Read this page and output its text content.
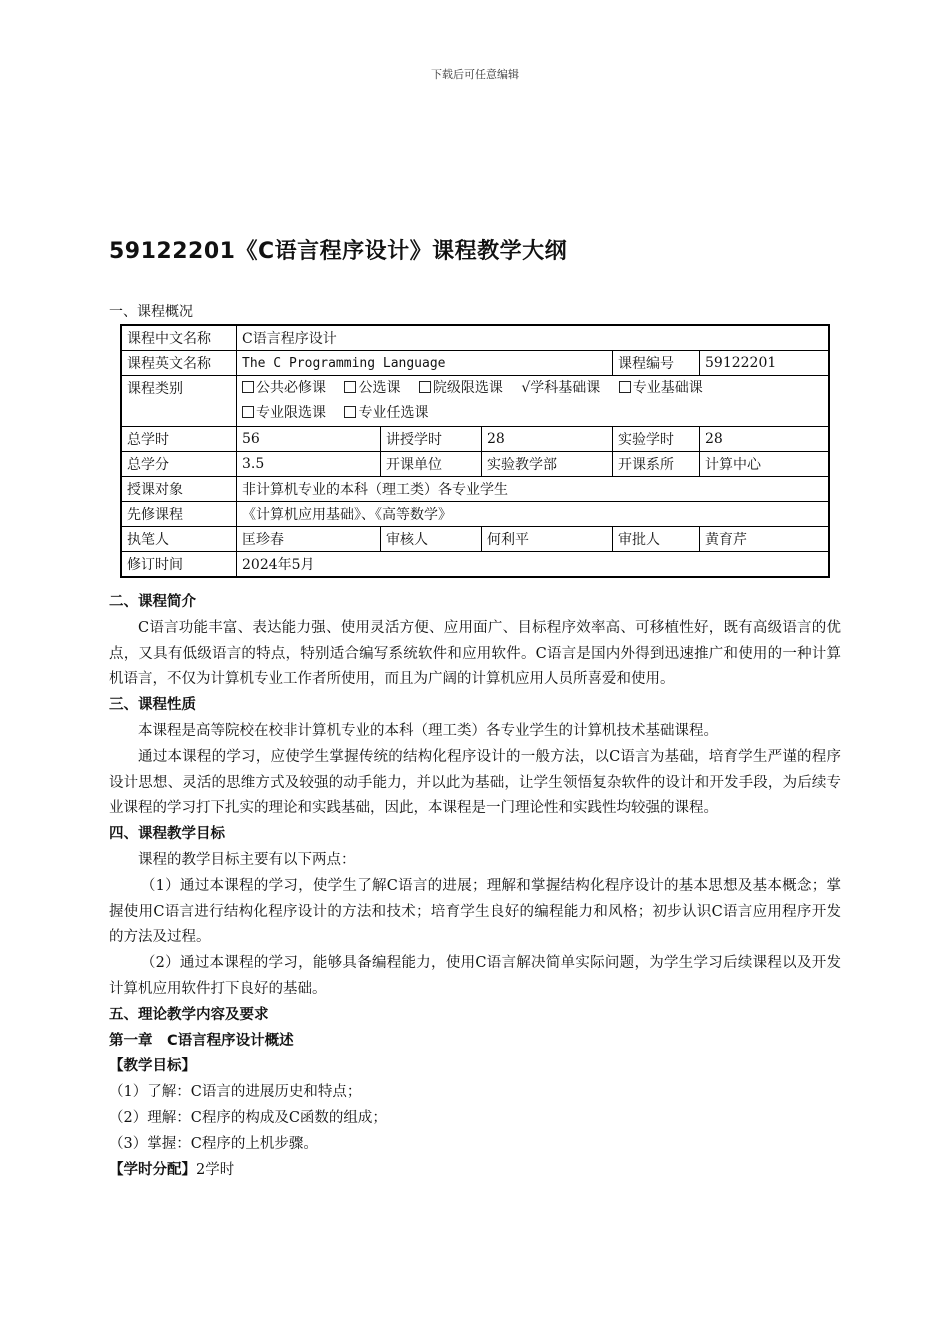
下载后可任意编辑
59122201《C语言程序设计》课程教学大纲
一、课程概况
课程中文名称	C语言程序设计				
课程英文名称	The C Programming Language			课程编号	59122201
课程类别	公共必修课 公选课 院级限选课 √学科基础课 专业基础课
专业限选课 专业任选课				

总学时	56	讲授学时	28	实验学时	28
总学分	3.5	开课单位	实验教学部	开课系所	计算中心
授课对象	非计算机专业的本科（理工类）各专业学生				
先修课程	《计算机应用基础》、《高等数学》				
执笔人	匡珍春	审核人	何利平	审批人	黄育芹
修订时间	2024年5月				
二、课程简介

C语言功能丰富、表达能力强、使用灵活方便、应用面广、目标程序效率高、可移植性好，既有高级语言的优点，又具有低级语言的特点，特别适合编写系统软件和应用软件。C语言是国内外得到迅速推广和使用的一种计算机语言，不仅为计算机专业工作者所使用，而且为广阔的计算机应用人员所喜爱和使用。

三、课程性质

本课程是高等院校在校非计算机专业的本科（理工类）各专业学生的计算机技术基础课程。

通过本课程的学习，应使学生掌握传统的结构化程序设计的一般方法，以C语言为基础，培育学生严谨的程序设计思想、灵活的思维方式及较强的动手能力，并以此为基础，让学生领悟复杂软件的设计和开发手段，为后续专业课程的学习打下扎实的理论和实践基础，因此，本课程是一门理论性和实践性均较强的课程。

四、课程教学目标

课程的教学目标主要有以下两点：

（1）通过本课程的学习，使学生了解C语言的进展；理解和掌握结构化程序设计的基本思想及基本概念；掌握使用C语言进行结构化程序设计的方法和技术；培育学生良好的编程能力和风格；初步认识C语言应用程序开发的方法及过程。

（2）通过本课程的学习，能够具备编程能力，使用C语言解决简单实际问题，为学生学习后续课程以及开发计算机应用软件打下良好的基础。

五、理论教学内容及要求
第一章　C语言程序设计概述
【教学目标】

（1）了解：C语言的进展历史和特点；

（2）理解：C程序的构成及C函数的组成；

（3）掌握：C程序的上机步骤。

【学时分配】2学时
